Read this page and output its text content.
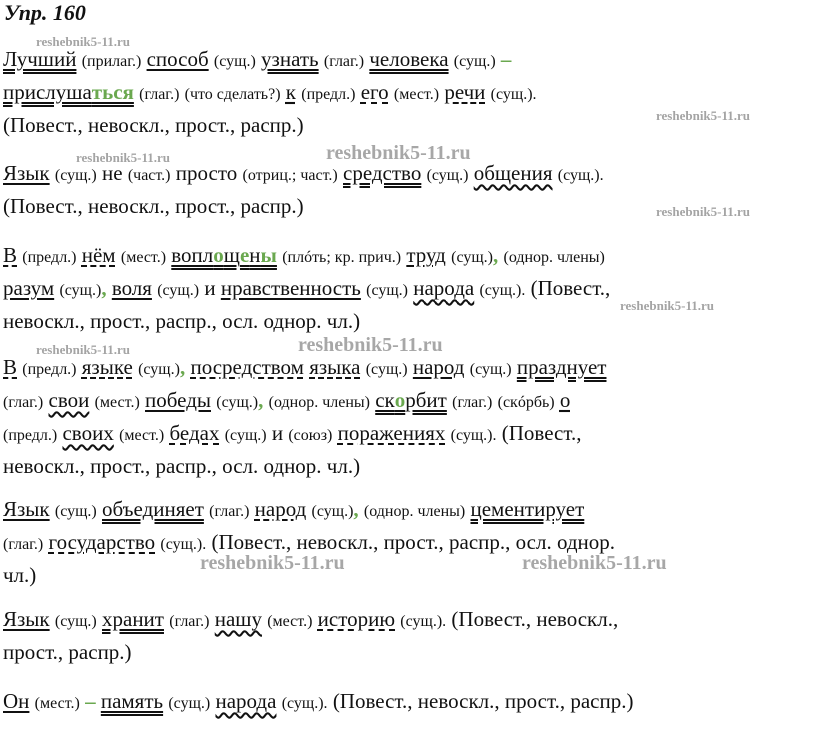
Упр. 160
reshebnik5-11.ru
reshebnik5-11.ru
reshebnik5-11.ru	reshebnik5-11.ru
reshebnik5-11.ru
reshebnik5-11.ru
reshebnik5-11.ru	reshebnik5-11.ru
reshebnik5-11.ru	reshebnik5-11.ru
Лучший (прилаг.) способ (сущ.) узнать (глаг.) человека (сущ.) –
прислушаться (глаг.) (что сделать?) к (предл.) его (мест.) речи (сущ.).
(Повест., невоскл., прост., распр.)
Язык (сущ.) не (част.) просто (отриц.; част.) средство (сущ.) общения (сущ.).
(Повест., невоскл., прост., распр.)
В (предл.) нём (мест.) воплощены (плóть; кр. прич.) труд (сущ.), (однор. члены)
разум (сущ.), воля (сущ.) и нравственность (сущ.) народа (сущ.). (Повест.,
невоскл., прост., распр., осл. однор. чл.)
В (предл.) языке (сущ.), посредством языка (сущ.) народ (сущ.) празднует
(глаг.) свои (мест.) победы (сущ.), (однор. члены) скорбит (глаг.) (скóрбь) о
(предл.) своих (мест.) бедах (сущ.) и (союз) поражениях (сущ.). (Повест.,
невоскл., прост., распр., осл. однор. чл.)
Язык (сущ.) объединяет (глаг.) народ (сущ.), (однор. члены) цементирует
(глаг.) государство (сущ.). (Повест., невоскл., прост., распр., осл. однор.
чл.)
Язык (сущ.) хранит (глаг.) нашу (мест.) историю (сущ.). (Повест., невоскл.,
прост., распр.)
Он (мест.) – память (сущ.) народа (сущ.). (Повест., невоскл., прост., распр.)
